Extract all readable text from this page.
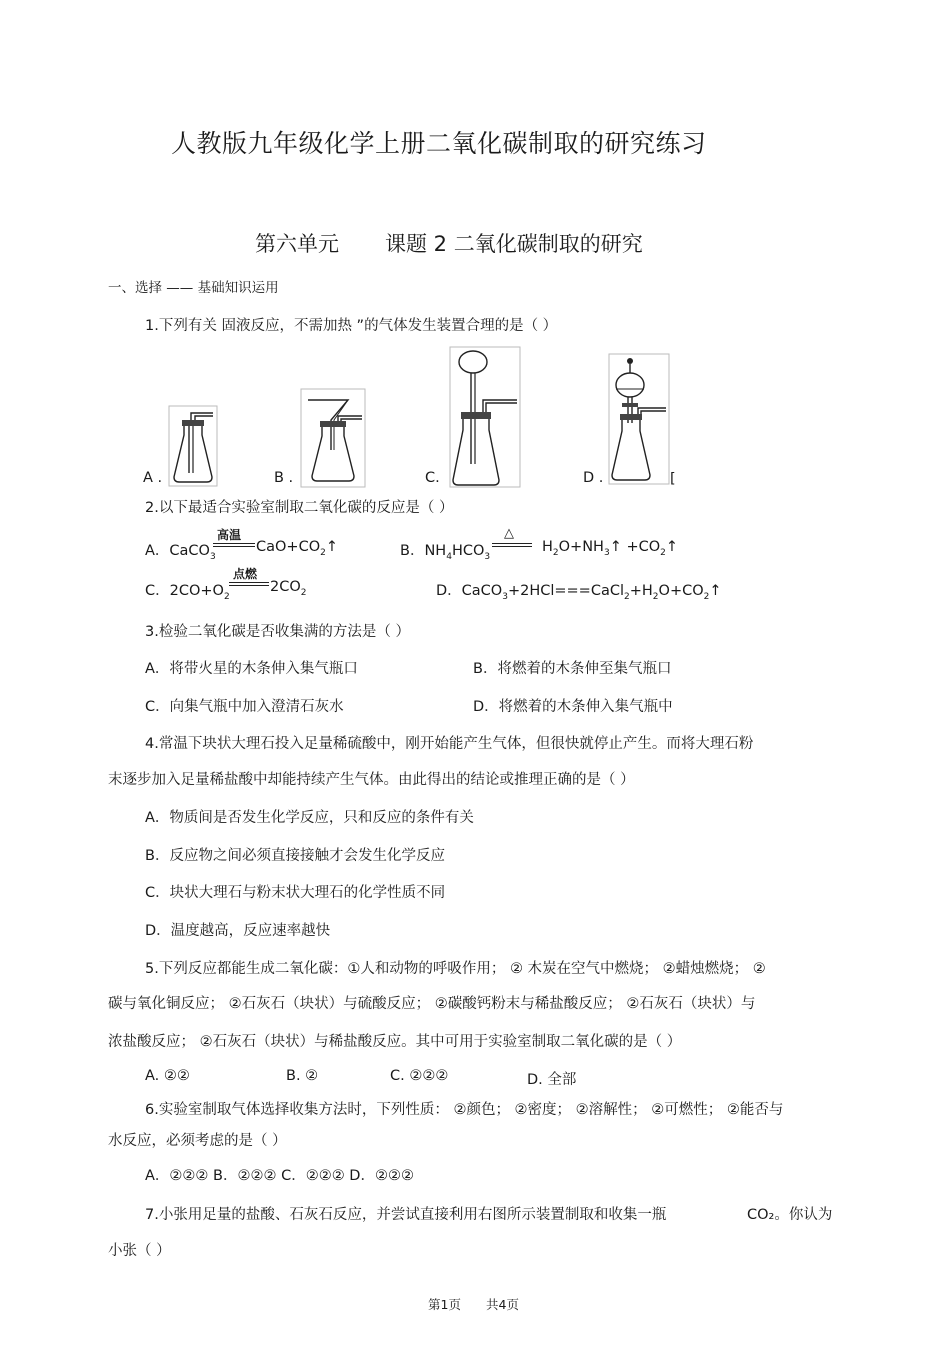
人教版九年级化学上册二氧化碳制取的研究练习
第六单元 课题 2 二氧化碳制取的研究
一、选择 —— 基础知识运用
1.下列有关 固液反应，不需加热 ”的气体发生装置合理的是（ ）
A .	B .	C.	D .	[
2.以下最适合实验室制取二氧化碳的反应是（ ）
A．CaCO$_3$
高温
$CaO+CO_2↑$	B．$NH_4HCO_3$
△
$H_2O+NH_3↑$ $+CO_2↑$
C．$2CO+O_2$
点燃
$2CO_2$	D．$CaCO_3+2HCl===CaCl_2+H_2O+CO_2↑$
3.检验二氧化碳是否收集满的方法是（ ）
A．将带火星的木条伸入集气瓶口	B．将燃着的木条伸至集气瓶口
C．向集气瓶中加入澄清石灰水	D．将燃着的木条伸入集气瓶中
4.常温下块状大理石投入足量稀硫酸中，刚开始能产生气体，但很快就停止产生。而将大理石粉
末逐步加入足量稀盐酸中却能持续产生气体。由此得出的结论或推理正确的是（ ）
A．物质间是否发生化学反应，只和反应的条件有关
B．反应物之间必须直接接触才会发生化学反应
C．块状大理石与粉末状大理石的化学性质不同
D．温度越高，反应速率越快
5.下列反应都能生成二氧化碳：①人和动物的呼吸作用； ② 木炭在空气中燃烧； ②蜡烛燃烧； ②
碳与氧化铜反应； ②石灰石（块状）与硫酸反应； ②碳酸钙粉末与稀盐酸反应； ②石灰石（块状）与
浓盐酸反应； ②石灰石（块状）与稀盐酸反应。其中可用于实验室制取二氧化碳的是（ ）
A. ②②	B. ②	C. ②②②	D. 全部
6.实验室制取气体选择收集方法时，下列性质： ②颜色； ②密度； ②溶解性； ②可燃性； ②能否与
水反应，必须考虑的是（ ）
A．②②② B．②②② C．②②② D．②②②
7.小张用足量的盐酸、石灰石反应，并尝试直接利用右图所示装置制取和收集一瓶	CO₂。你认为
小张（ ）
第1页 共4页
